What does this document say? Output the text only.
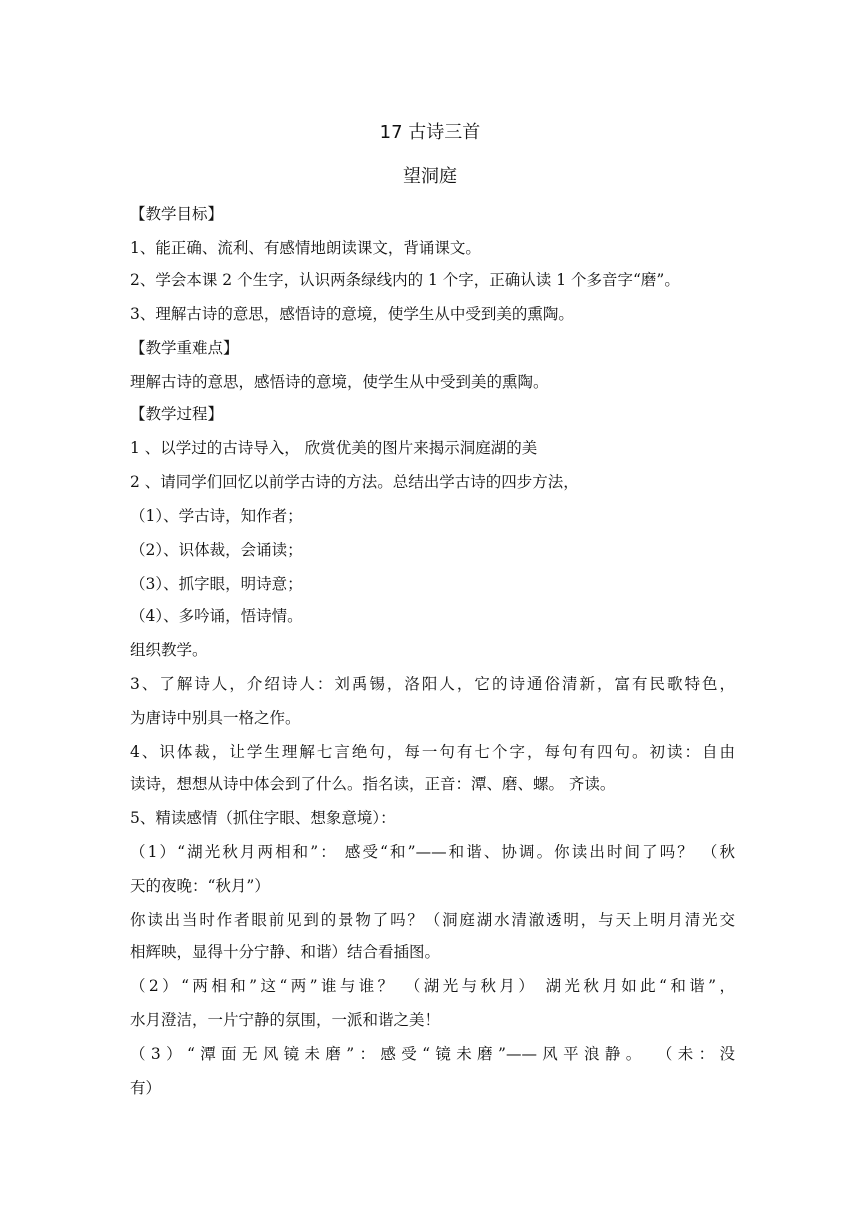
17 古诗三首
望洞庭
【教学目标】
1、能正确、流利、有感情地朗读课文，背诵课文。
2、学会本课 2 个生字，认识两条绿线内的 1 个字，正确认读 1 个多音字“磨”。
3、理解古诗的意思，感悟诗的意境，使学生从中受到美的熏陶。
【教学重难点】
理解古诗的意思，感悟诗的意境，使学生从中受到美的熏陶。
【教学过程】
1 、以学过的古诗导入， 欣赏优美的图片来揭示洞庭湖的美
2 、请同学们回忆以前学古诗的方法。总结出学古诗的四步方法，
（1）、学古诗，知作者；
（2）、识体裁，会诵读；
（3）、抓字眼，明诗意；
（4）、多吟诵，悟诗情。
组织教学。
3、了解诗人，介绍诗人：刘禹锡，洛阳人，它的诗通俗清新，富有民歌特色，
为唐诗中别具一格之作。
4、识体裁，让学生理解七言绝句，每一句有七个字，每句有四句。初读：自由
读诗，想想从诗中体会到了什么。指名读，正音：潭、磨、螺。 齐读。
5、精读感情（抓住字眼、想象意境）：
（1）“湖光秋月两相和”： 感受“和”——和谐、协调。你读出时间了吗？ （秋
天的夜晚：“秋月”）
你读出当时作者眼前见到的景物了吗？（洞庭湖水清澈透明，与天上明月清光交
相辉映，显得十分宁静、和谐）结合看插图。
（2）“两相和”这“两”谁与谁？ （湖光与秋月） 湖光秋月如此“和谐”，
水月澄洁，一片宁静的氛围，一派和谐之美！
（3）“潭面无风镜未磨”：感受“镜未磨”——风平浪静。 （未：没
有）
